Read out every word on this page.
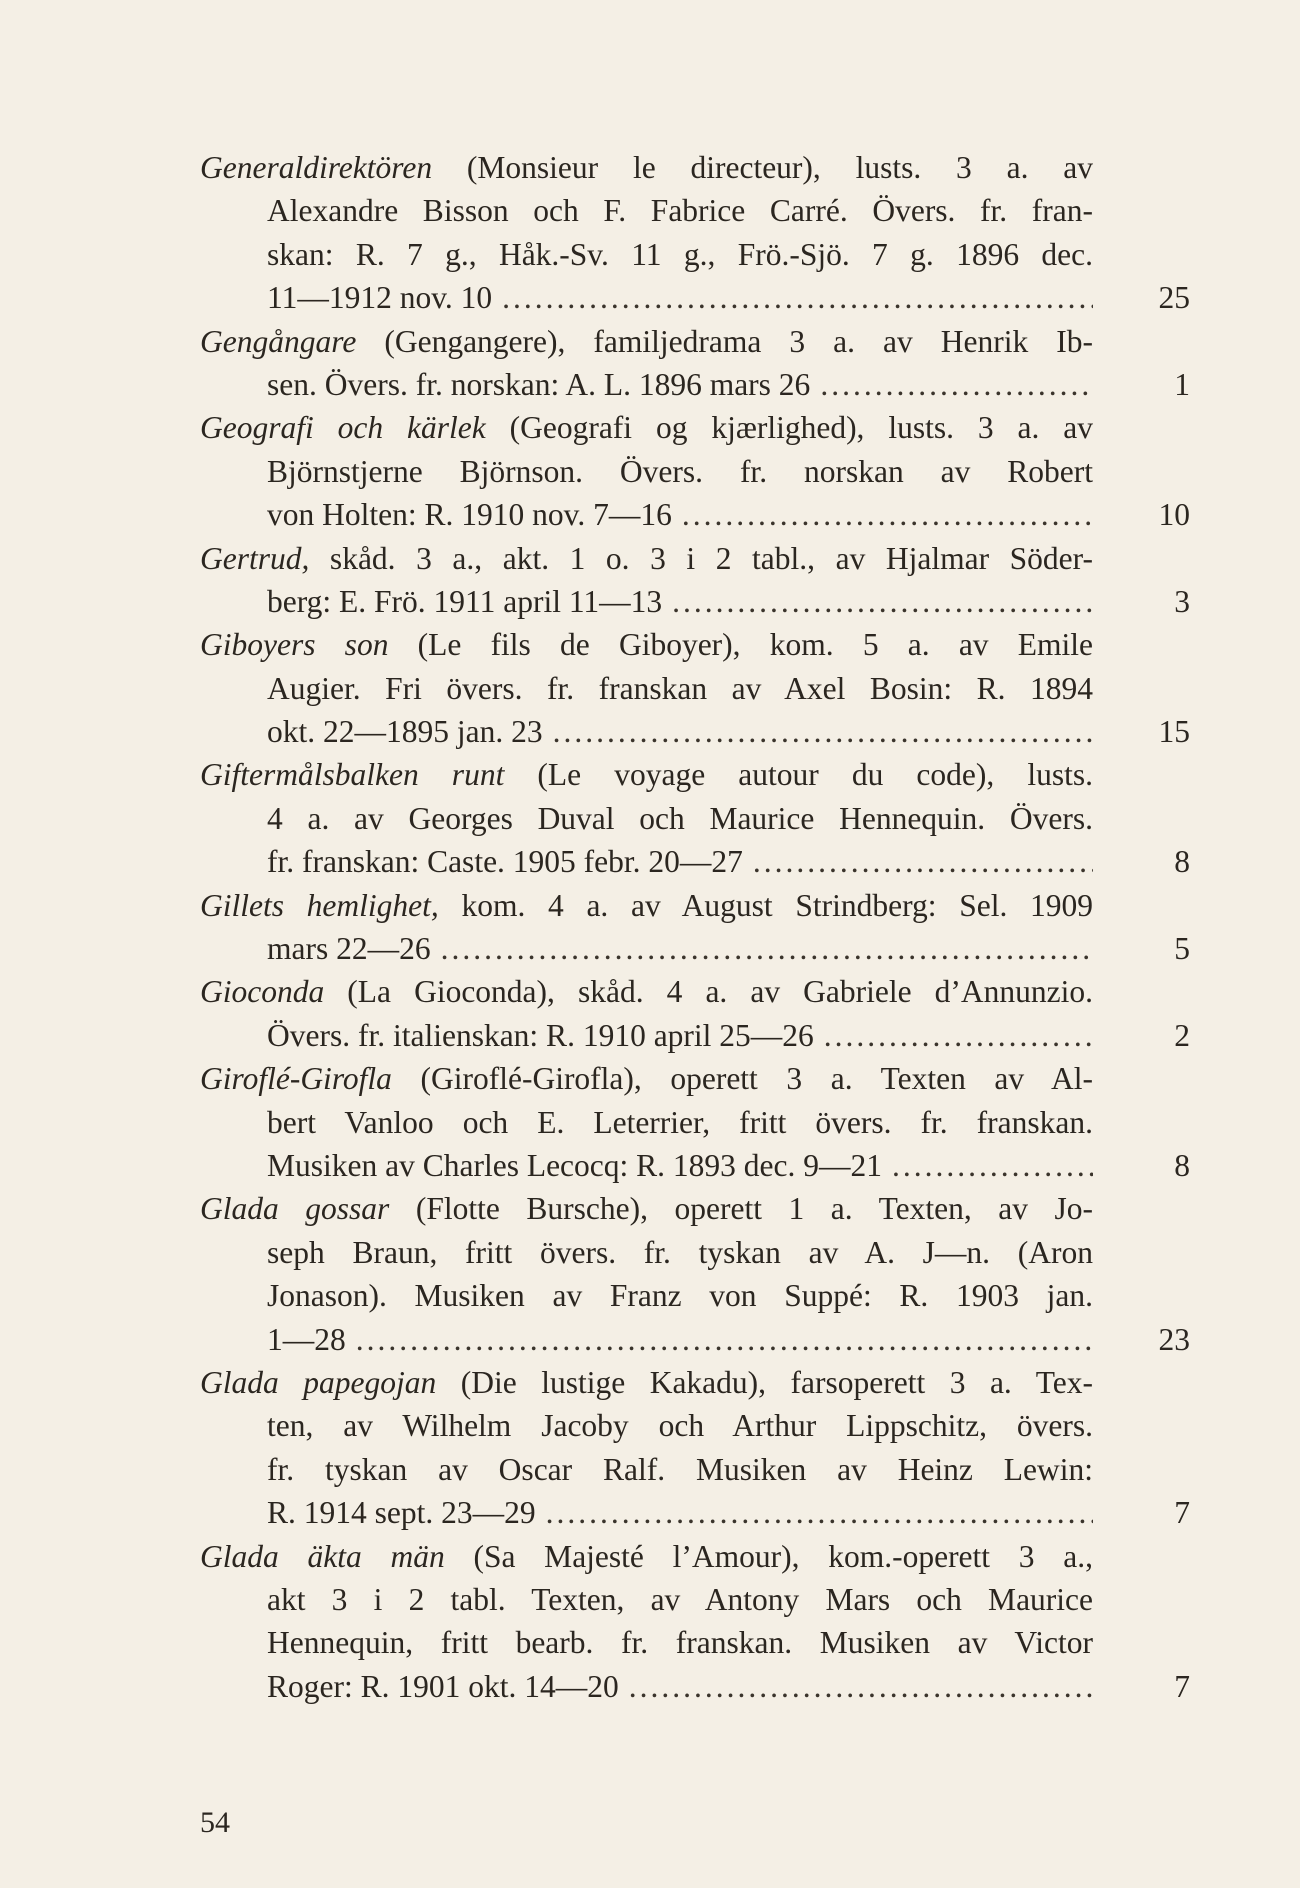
Generaldirektören (Monsieur le directeur), lusts. 3 a. av
Alexandre Bisson och F. Fabrice Carré. Övers. fr. fran-
skan: R. 7 g., Håk.-Sv. 11 g., Frö.-Sjö. 7 g. 1896 dec.
11—1912 nov. 10 .....	25
Gengångare (Gengangere), familjedrama 3 a. av Henrik Ib-
sen. Övers. fr. norskan: A. L. 1896 mars 26 .....	1
Geografi och kärlek (Geografi og kjærlighed), lusts. 3 a. av
Björnstjerne Björnson. Övers. fr. norskan av Robert
von Holten: R. 1910 nov. 7—16 .....	10
Gertrud, skåd. 3 a., akt. 1 o. 3 i 2 tabl., av Hjalmar Söder-
berg: E. Frö. 1911 april 11—13 .....	3
Giboyers son (Le fils de Giboyer), kom. 5 a. av Emile
Augier. Fri övers. fr. franskan av Axel Bosin: R. 1894
okt. 22—1895 jan. 23 .....	15
Giftermålsbalken runt (Le voyage autour du code), lusts.
4 a. av Georges Duval och Maurice Hennequin. Övers.
fr. franskan: Caste. 1905 febr. 20—27 .....	8
Gillets hemlighet, kom. 4 a. av August Strindberg: Sel. 1909
mars 22—26 .....	5
Gioconda (La Gioconda), skåd. 4 a. av Gabriele d’Annunzio.
Övers. fr. italienskan: R. 1910 april 25—26 .....	2
Giroflé-Girofla (Giroflé-Girofla), operett 3 a. Texten av Al-
bert Vanloo och E. Leterrier, fritt övers. fr. franskan.
Musiken av Charles Lecocq: R. 1893 dec. 9—21 .....	8
Glada gossar (Flotte Bursche), operett 1 a. Texten, av Jo-
seph Braun, fritt övers. fr. tyskan av A. J—n. (Aron
Jonason). Musiken av Franz von Suppé: R. 1903 jan.
1—28 .....	23
Glada papegojan (Die lustige Kakadu), farsoperett 3 a. Tex-
ten, av Wilhelm Jacoby och Arthur Lippschitz, övers.
fr. tyskan av Oscar Ralf. Musiken av Heinz Lewin:
R. 1914 sept. 23—29 .....	7
Glada äkta män (Sa Majesté l’Amour), kom.-operett 3 a.,
akt 3 i 2 tabl. Texten, av Antony Mars och Maurice
Hennequin, fritt bearb. fr. franskan. Musiken av Victor
Roger: R. 1901 okt. 14—20 .....	7
54
